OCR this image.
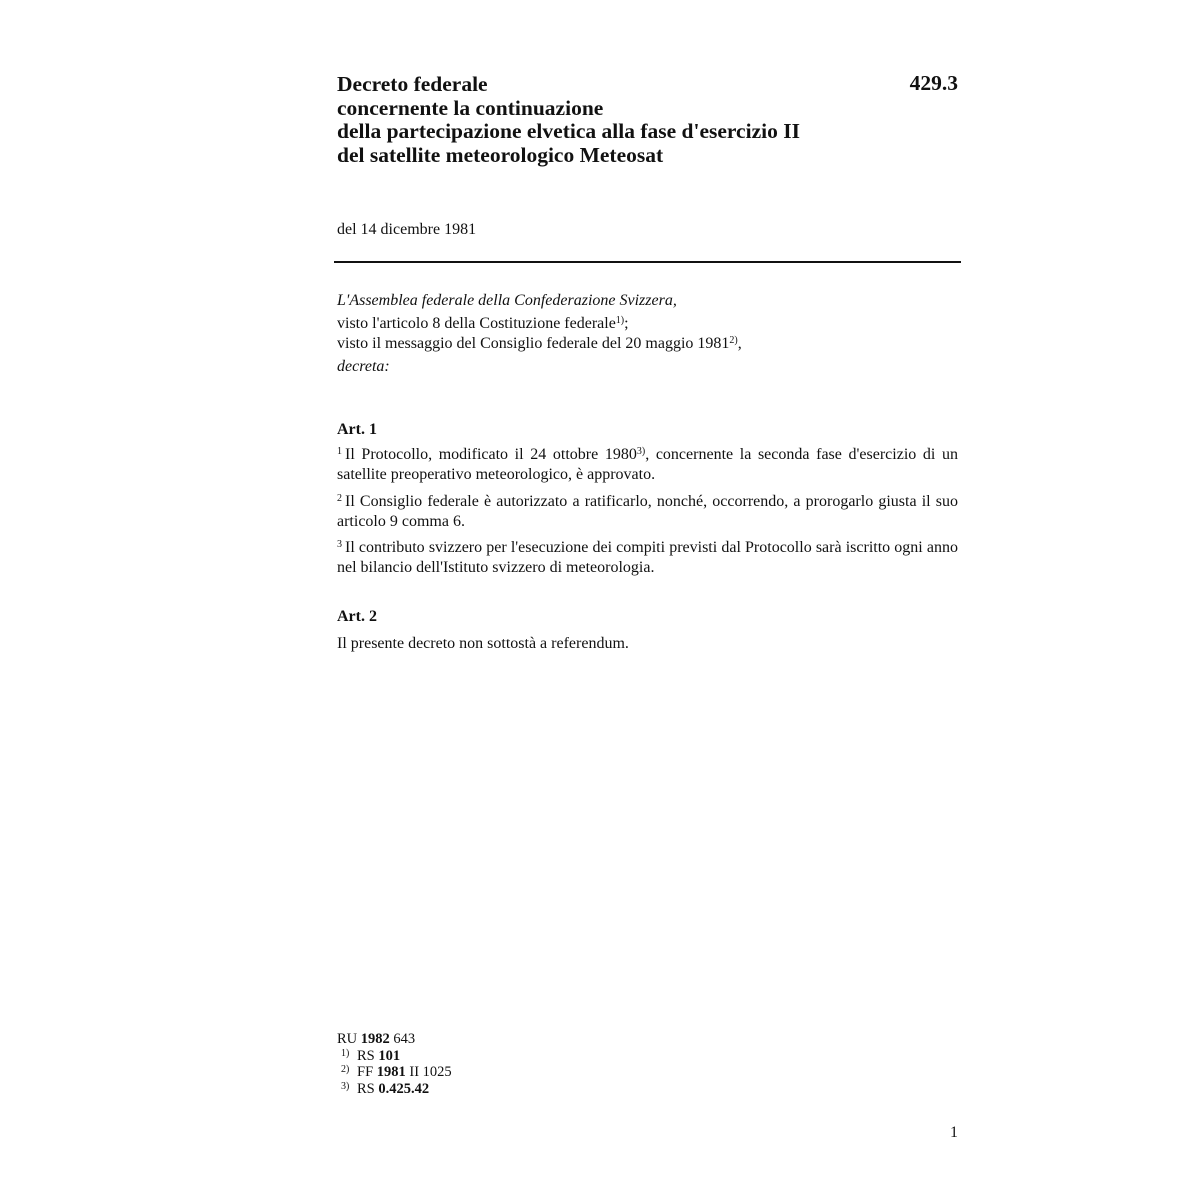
Decreto federale
concernente la continuazione
della partecipazione elvetica alla fase d'esercizio II
del satellite meteorologico Meteosat
429.3
del 14 dicembre 1981
L'Assemblea federale della Confederazione Svizzera,
visto l'articolo 8 della Costituzione federale$^{1)}$;
visto il messaggio del Consiglio federale del 20 maggio 1981$^{2)}$,
decreta:
Art. 1
$^1$ Il Protocollo, modificato il 24 ottobre 1980$^{3)}$, concernente la seconda fase d'esercizio di un satellite preoperativo meteorologico, è approvato.
$^2$ Il Consiglio federale è autorizzato a ratificarlo, nonché, occorrendo, a prorogarlo giusta il suo articolo 9 comma 6.
$^3$ Il contributo svizzero per l'esecuzione dei compiti previsti dal Protocollo sarà iscritto ogni anno nel bilancio dell'Istituto svizzero di meteorologia.
Art. 2
Il presente decreto non sottostà a referendum.
RU 1982 643
1) RS 101
2) FF 1981 II 1025
3) RS 0.425.42
1
